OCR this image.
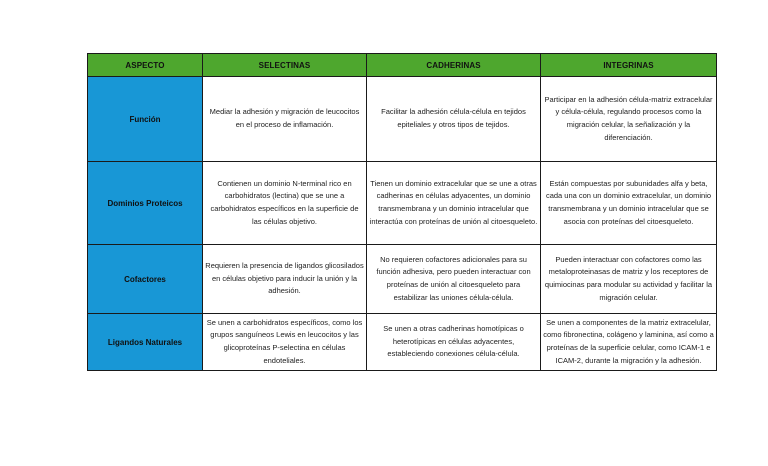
ASPECTO	SELECTINAS	CADHERINAS	INTEGRINAS
Función	Mediar la adhesión y migración de leucocitos en el proceso de inflamación.	Facilitar la adhesión célula-célula en tejidos epiteliales y otros tipos de tejidos.	Participar en la adhesión célula-matriz extracelular y célula-célula, regulando procesos como la migración celular, la señalización y la diferenciación.
Dominios Proteicos	Contienen un dominio N-terminal rico en carbohidratos (lectina) que se une a carbohidratos específicos en la superficie de las células objetivo.	Tienen un dominio extracelular que se une a otras cadherinas en células adyacentes, un dominio transmembrana y un dominio intracelular que interactúa con proteínas de unión al citoesqueleto.	Están compuestas por subunidades alfa y beta, cada una con un dominio extracelular, un dominio transmembrana y un dominio intracelular que se asocia con proteínas del citoesqueleto.
Cofactores	Requieren la presencia de ligandos glicosilados en células objetivo para inducir la unión y la adhesión.	No requieren cofactores adicionales para su función adhesiva, pero pueden interactuar con proteínas de unión al citoesqueleto para estabilizar las uniones célula-célula.	Pueden interactuar con cofactores como las metaloproteinasas de matriz y los receptores de quimiocinas para modular su actividad y facilitar la migración celular.
Ligandos Naturales	Se unen a carbohidratos específicos, como los grupos sanguíneos Lewis en leucocitos y las glicoproteínas P-selectina en células endoteliales.	Se unen a otras cadherinas homotípicas o heterotípicas en células adyacentes, estableciendo conexiones célula-célula.	Se unen a componentes de la matriz extracelular, como fibronectina, colágeno y laminina, así como a proteínas de la superficie celular, como ICAM-1 e ICAM-2, durante la migración y la adhesión.
